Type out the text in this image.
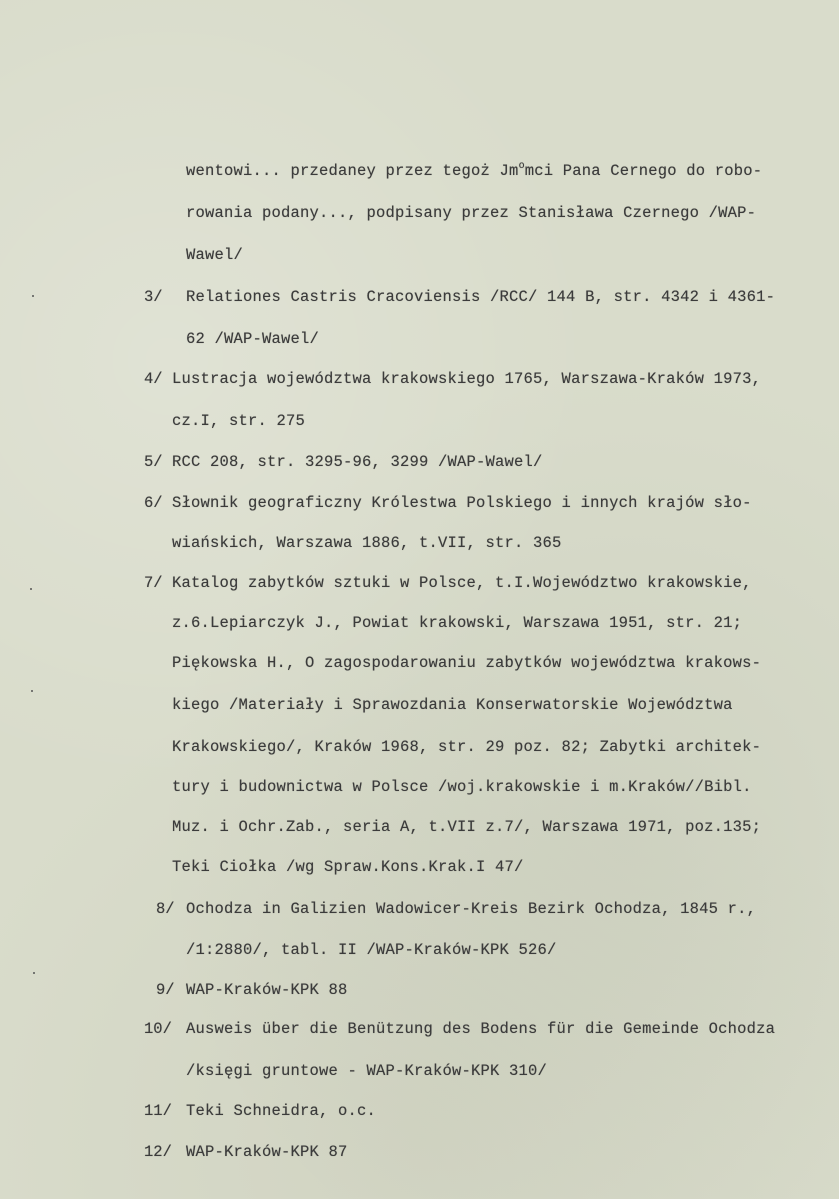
wentowi... przedaney przez tegoż Jm$^o$mci Pana Cernego do robo-
rowania podany..., podpisany przez Stanisława Czernego /WAP-
Wawel/
3/ Relationes Castris Cracoviensis /RCC/ 144 B, str. 4342 i 4361-
62 /WAP-Wawel/
4/ Lustracja województwa krakowskiego 1765, Warszawa-Kraków 1973,
cz.I, str. 275
5/ RCC 208, str. 3295-96, 3299 /WAP-Wawel/
6/ Słownik geograficzny Królestwa Polskiego i innych krajów sło-
wiańskich, Warszawa 1886, t.VII, str. 365
7/ Katalog zabytków sztuki w Polsce, t.I.Województwo krakowskie,
z.6.Lepiarczyk J., Powiat krakowski, Warszawa 1951, str. 21;
Piękowska H., O zagospodarowaniu zabytków województwa krakows-
kiego /Materiały i Sprawozdania Konserwatorskie Województwa
Krakowskiego/, Kraków 1968, str. 29 poz. 82; Zabytki architek-
tury i budownictwa w Polsce /woj.krakowskie i m.Kraków//Bibl.
Muz. i Ochr.Zab., seria A, t.VII z.7/, Warszawa 1971, poz.135;
Teki Ciołka /wg Spraw.Kons.Krak.I 47/
8/ Ochodza in Galizien Wadowicer-Kreis Bezirk Ochodza, 1845 r.,
/1:2880/, tabl. II /WAP-Kraków-KPK 526/
9/ WAP-Kraków-KPK 88
10/ Ausweis über die Benützung des Bodens für die Gemeinde Ochodza
/księgi gruntowe - WAP-Kraków-KPK 310/
11/ Teki Schneidra, o.c.
12/ WAP-Kraków-KPK 87
